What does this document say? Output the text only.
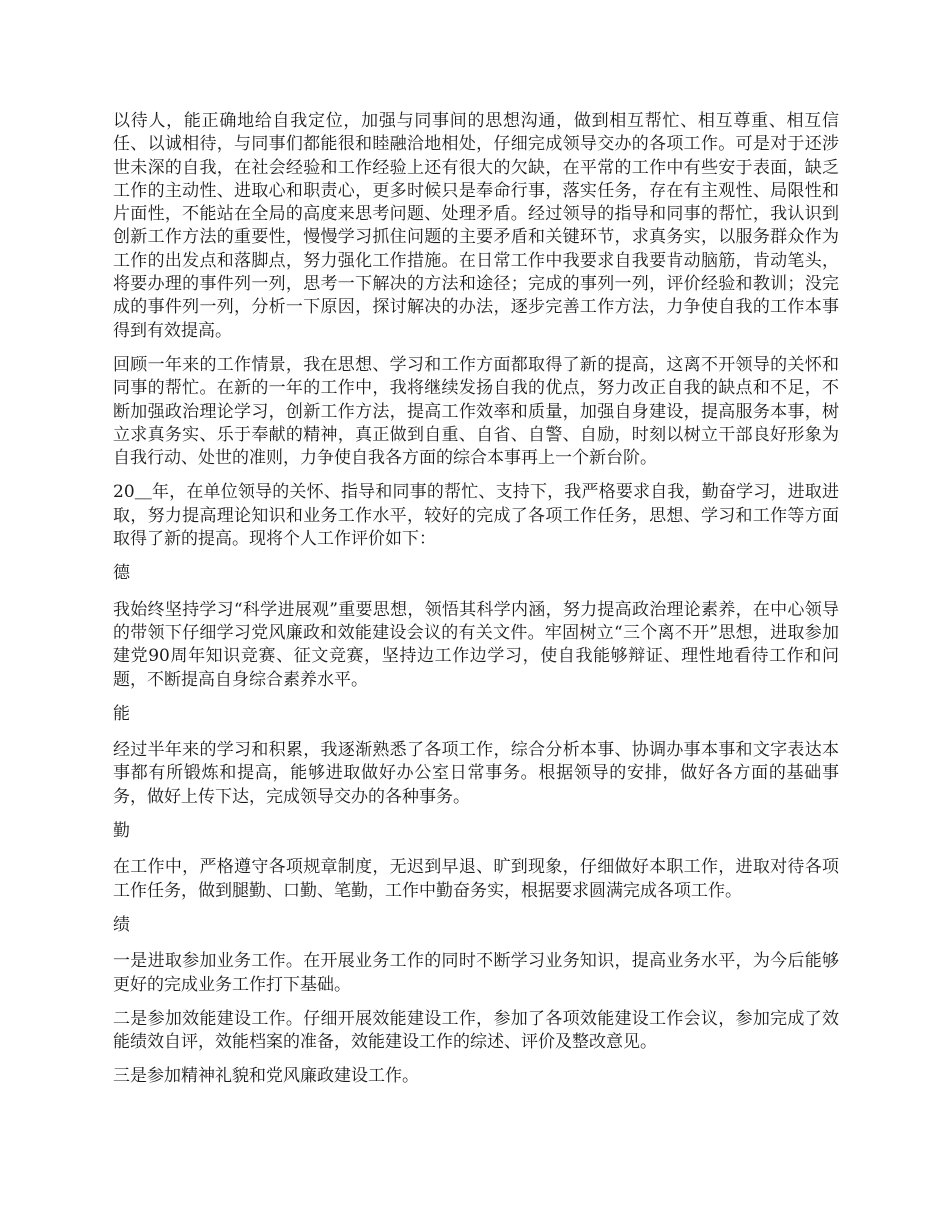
以待人，能正确地给自我定位，加强与同事间的思想沟通，做到相互帮忙、相互尊重、相互信任、以诚相待，与同事们都能很和睦融洽地相处，仔细完成领导交办的各项工作。可是对于还涉世未深的自我，在社会经验和工作经验上还有很大的欠缺，在平常的工作中有些安于表面，缺乏工作的主动性、进取心和职责心，更多时候只是奉命行事，落实任务，存在有主观性、局限性和片面性，不能站在全局的高度来思考问题、处理矛盾。经过领导的指导和同事的帮忙，我认识到创新工作方法的重要性，慢慢学习抓住问题的主要矛盾和关键环节，求真务实，以服务群众作为工作的出发点和落脚点，努力强化工作措施。在日常工作中我要求自我要肯动脑筋，肯动笔头，将要办理的事件列一列，思考一下解决的方法和途径；完成的事列一列，评价经验和教训；没完成的事件列一列，分析一下原因，探讨解决的办法，逐步完善工作方法，力争使自我的工作本事得到有效提高。

回顾一年来的工作情景，我在思想、学习和工作方面都取得了新的提高，这离不开领导的关怀和同事的帮忙。在新的一年的工作中，我将继续发扬自我的优点，努力改正自我的缺点和不足，不断加强政治理论学习，创新工作方法，提高工作效率和质量，加强自身建设，提高服务本事，树立求真务实、乐于奉献的精神，真正做到自重、自省、自警、自励，时刻以树立干部良好形象为自我行动、处世的准则，力争使自我各方面的综合本事再上一个新台阶。

20＿年，在单位领导的关怀、指导和同事的帮忙、支持下，我严格要求自我，勤奋学习，进取进取，努力提高理论知识和业务工作水平，较好的完成了各项工作任务，思想、学习和工作等方面取得了新的提高。现将个人工作评价如下：

德

我始终坚持学习“科学进展观”重要思想，领悟其科学内涵，努力提高政治理论素养，在中心领导的带领下仔细学习党风廉政和效能建设会议的有关文件。牢固树立“三个离不开”思想，进取参加建党90周年知识竞赛、征文竞赛，坚持边工作边学习，使自我能够辩证、理性地看待工作和问题，不断提高自身综合素养水平。

能

经过半年来的学习和积累，我逐渐熟悉了各项工作，综合分析本事、协调办事本事和文字表达本事都有所锻炼和提高，能够进取做好办公室日常事务。根据领导的安排，做好各方面的基础事务，做好上传下达，完成领导交办的各种事务。

勤

在工作中，严格遵守各项规章制度，无迟到早退、旷到现象，仔细做好本职工作，进取对待各项工作任务，做到腿勤、口勤、笔勤，工作中勤奋务实，根据要求圆满完成各项工作。

绩

一是进取参加业务工作。在开展业务工作的同时不断学习业务知识，提高业务水平，为今后能够更好的完成业务工作打下基础。

二是参加效能建设工作。仔细开展效能建设工作，参加了各项效能建设工作会议，参加完成了效能绩效自评，效能档案的准备，效能建设工作的综述、评价及整改意见。

三是参加精神礼貌和党风廉政建设工作。
